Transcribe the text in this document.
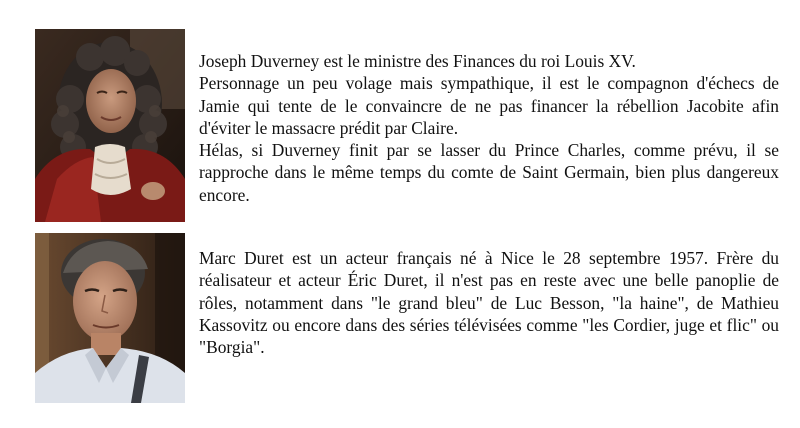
Joseph Duverney est le ministre des Finances du roi Louis XV.

Personnage un peu volage mais sympathique, il est le compagnon d'échecs de Jamie qui tente de le convaincre de ne pas financer la rébellion Jacobite afin d'éviter le massacre prédit par Claire.

Hélas, si Duverney finit par se lasser du Prince Charles, comme prévu, il se rapproche dans le même temps du comte de Saint Germain, bien plus dangereux encore.

Marc Duret est un acteur français né à Nice le 28 septembre 1957. Frère du réalisateur et acteur Éric Duret, il n'est pas en reste avec une belle panoplie de rôles, notamment dans "le grand bleu" de Luc Besson, "la haine", de Mathieu Kassovitz ou encore dans des séries télévisées comme "les Cordier, juge et flic" ou "Borgia".
